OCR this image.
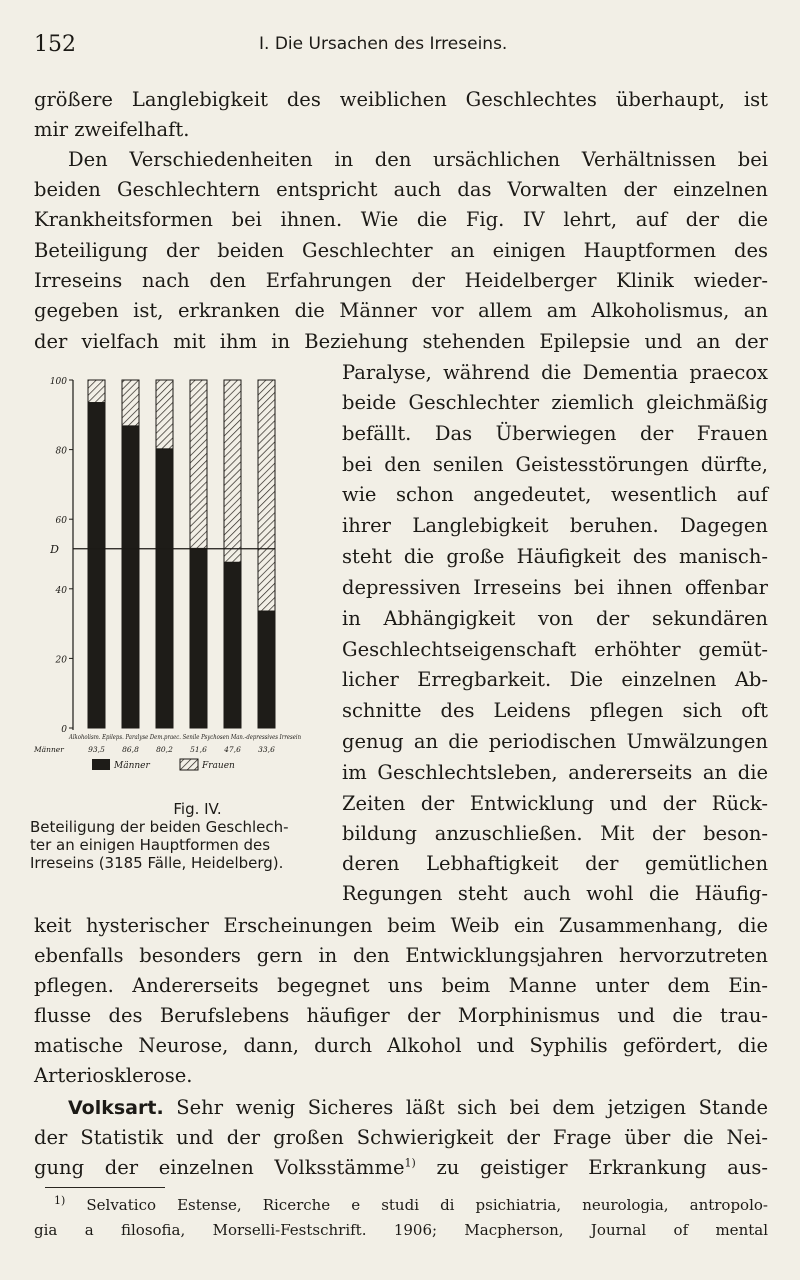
152	I. Die Ursachen des Irreseins.
größere Langlebigkeit des weiblichen Geschlechtes überhaupt, ist
mir zweifelhaft.
Den Verschiedenheiten in den ursächlichen Verhältnissen bei
beiden Geschlechtern entspricht auch das Vorwalten der einzelnen
Krankheitsformen bei ihnen. Wie die Fig. IV lehrt, auf der die
Beteiligung der beiden Geschlechter an einigen Hauptformen des
Irreseins nach den Erfahrungen der Heidelberger Klinik wieder-
gegeben ist, erkranken die Männer vor allem am Alkoholismus, an
der vielfach mit ihm in Beziehung stehenden Epilepsie und an der
Paralyse, während die Dementia praecox
beide Geschlechter ziemlich gleichmäßig
befällt. Das Überwiegen der Frauen
bei den senilen Geistesstörungen dürfte,
wie schon angedeutet, wesentlich auf
ihrer Langlebigkeit beruhen. Dagegen
steht die große Häufigkeit des manisch-
depressiven Irreseins bei ihnen offenbar
in Abhängigkeit von der sekundären
Geschlechtseigenschaft erhöhter gemüt-
licher Erregbarkeit. Die einzelnen Ab-
schnitte des Leidens pflegen sich oft
genug an die periodischen Umwälzungen
im Geschlechtsleben, andererseits an die
Zeiten der Entwicklung und der Rück-
bildung anzuschließen. Mit der beson-
deren Lebhaftigkeit der gemütlichen
Regungen steht auch wohl die Häufig-
keit hysterischer Erscheinungen beim Weib ein Zusammenhang, die
ebenfalls besonders gern in den Entwicklungsjahren hervorzutreten
pflegen. Andererseits begegnet uns beim Manne unter dem Ein-
flusse des Berufslebens häufiger der Morphinismus und die trau-
matische Neurose, dann, durch Alkohol und Syphilis gefördert, die
Arteriosklerose.
Volksart. Sehr wenig Sicheres läßt sich bei dem jetzigen Stande
der Statistik und der großen Schwierigkeit der Frage über die Nei-
gung der einzelnen Volksstämme$^{1)}$ zu geistiger Erkrankung aus-
$^{1)}$ Selvatico Estense, Ricerche e studi di psichiatria, neurologia, antropolo-
gia a filosofia, Morselli-Festschrift. 1906; Macpherson, Journal of mental
100
80
60
40
20
0
D
Alkoholism. Epileps. Paralyse Dem.praec. Senile Psychosen Man.-depressives Irresein
Männer	93,5 86,8 80,2 51,6 47,6 33,6
Männer	Frauen
Fig. IV.
Beteiligung der beiden Geschlech-
ter an einigen Hauptformen des
Irreseins (3185 Fälle, Heidelberg).
